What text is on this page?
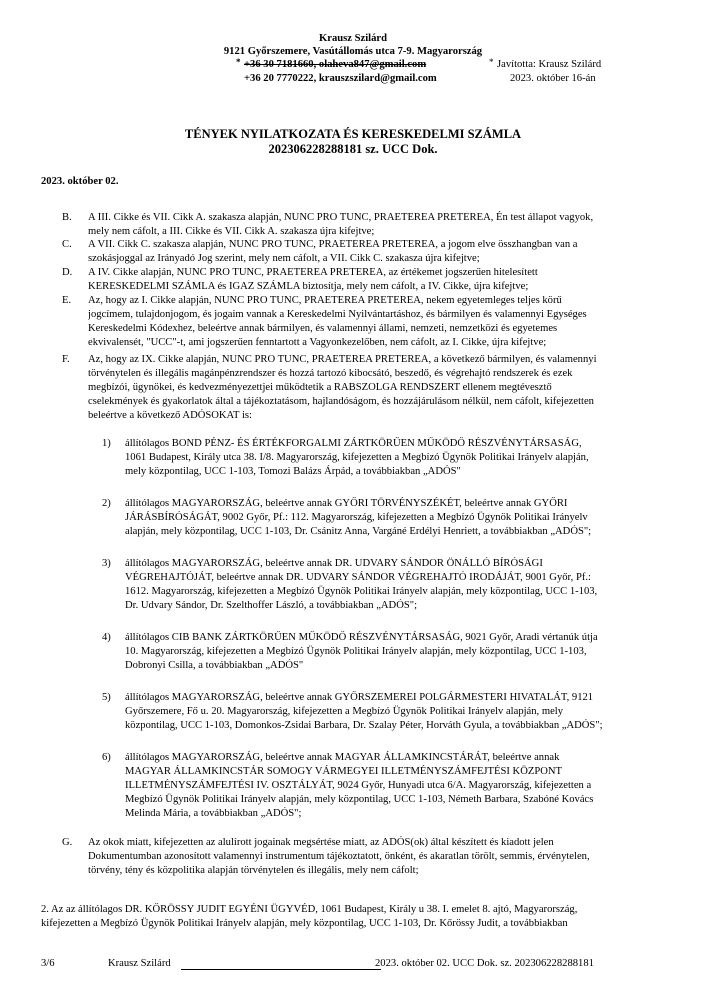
Krausz Szilárd
9121 Győrszemere, Vasútállomás utca 7-9. Magyarország
* +36 30 7181660, olaheva847@gmail.com
+36 20 7770222, krauszszilard@gmail.com
* Javította: Krausz Szilárd
2023. október 16-án
TÉNYEK NYILATKOZATA ÉS KERESKEDELMI SZÁMLA
202306228288181 sz. UCC Dok.
2023. október 02.
B. A III. Cikke és VII. Cikk A. szakasza alapján, NUNC PRO TUNC, PRAETEREA PRETEREA, Én test állapot vagyok,
mely nem cáfolt, a III. Cikke és VII. Cikk A. szakasza újra kifejtve;
C. A VII. Cikk C. szakasza alapján, NUNC PRO TUNC, PRAETEREA PRETEREA, a jogom elve összhangban van a
szokásjoggal az Irányadó Jog szerint, mely nem cáfolt, a VII. Cikk C. szakasza újra kifejtve;
D. A IV. Cikke alapján, NUNC PRO TUNC, PRAETEREA PRETEREA, az értékemet jogszerűen hitelesített
KERESKEDELMI SZÁMLA és IGAZ SZÁMLA biztosítja, mely nem cáfolt, a IV. Cikke, újra kifejtve;
E. Az, hogy az I. Cikke alapján, NUNC PRO TUNC, PRAETEREA PRETEREA, nekem egyetemleges teljes körű
jogcímem, tulajdonjogom, és jogaim vannak a Kereskedelmi Nyilvántartáshoz, és bármilyen és valamennyi Egységes
Kereskedelmi Kódexhez, beleértve annak bármilyen, és valamennyi állami, nemzeti, nemzetközi és egyetemes
ekvivalensét, "UCC"-t, ami jogszerűen fenntartott a Vagyonkezelőben, nem cáfolt, az I. Cikke, újra kifejtve;
F. Az, hogy az IX. Cikke alapján, NUNC PRO TUNC, PRAETEREA PRETEREA, a következő bármilyen, és valamennyi
törvénytelen és illegális magánpénzrendszer és hozzá tartozó kibocsátó, beszedő, és végrehajtó rendszerek és ezek
megbízói, ügynökei, és kedvezményezettjei működtetik a RABSZOLGA RENDSZERT ellenem megtévesztő
cselekmények és gyakorlatok által a tájékoztatásom, hajlandóságom, és hozzájárulásom nélkül, nem cáfolt, kifejezetten
beleértve a következő ADÓSOKAT is:
1) állítólagos BOND PÉNZ- ÉS ÉRTÉKFORGALMI ZÁRTKÖRŰEN MŰKÖDŐ RÉSZVÉNYTÁRSASÁG,
1061 Budapest, Király utca 38. I/8. Magyarország, kifejezetten a Megbízó Ügynök Politikai Irányelv alapján,
mely központilag, UCC 1-103, Tomozi Balázs Árpád, a továbbiakban „ADÓS"
2) állítólagos MAGYARORSZÁG, beleértve annak GYŐRI TÖRVÉNYSZÉKÉT, beleértve annak GYŐRI
JÁRÁSBÍRÓSÁGÁT, 9002 Győr, Pf.: 112. Magyarország, kifejezetten a Megbízó Ügynök Politikai Irányelv
alapján, mely központilag, UCC 1-103, Dr. Csánitz Anna, Vargáné Erdélyi Henriett, a továbbiakban „ADÓS";
3) állítólagos MAGYARORSZÁG, beleértve annak DR. UDVARY SÁNDOR ÖNÁLLÓ BÍRÓSÁGI
VÉGREHAJTÓJÁT, beleértve annak DR. UDVARY SÁNDOR VÉGREHAJTÓ IRODÁJÁT, 9001 Győr, Pf.:
1612. Magyarország, kifejezetten a Megbízó Ügynök Politikai Irányelv alapján, mely központilag, UCC 1-103,
Dr. Udvary Sándor, Dr. Szelthoffer László, a továbbiakban „ADÓS";
4) állítólagos CIB BANK ZÁRTKÖRŰEN MŰKÖDŐ RÉSZVÉNYTÁRSASÁG, 9021 Győr, Aradi vértanúk útja
10. Magyarország, kifejezetten a Megbízó Ügynök Politikai Irányelv alapján, mely központilag, UCC 1-103,
Dobronyi Csilla, a továbbiakban „ADÓS"
5) állítólagos MAGYARORSZÁG, beleértve annak GYŐRSZEMEREI POLGÁRMESTERI HIVATALÁT, 9121
Győrszemere, Fő u. 20. Magyarország, kifejezetten a Megbízó Ügynök Politikai Irányelv alapján, mely
központilag, UCC 1-103, Domonkos-Zsidai Barbara, Dr. Szalay Péter, Horváth Gyula, a továbbiakban „ADÓS";
6) állítólagos MAGYARORSZÁG, beleértve annak MAGYAR ÁLLAMKINCSTÁRÁT, beleértve annak
MAGYAR ÁLLAMKINCSTÁR SOMOGY VÁRMEGYEI ILLETMÉNYSZÁMFEJTÉSI KÖZPONT
ILLETMÉNYSZÁMFEJTÉSI IV. OSZTÁLYÁT, 9024 Győr, Hunyadi utca 6/A. Magyarország, kifejezetten a
Megbízó Ügynök Politikai Irányelv alapján, mely központilag, UCC 1-103, Németh Barbara, Szabóné Kovács
Melinda Mária, a továbbiakban „ADÓS";
G. Az okok miatt, kifejezetten az alulírott jogainak megsértése miatt, az ADÓS(ok) által készített és kiadott jelen
Dokumentumban azonosított valamennyi instrumentum tájékoztatott, önként, és akaratlan törölt, semmis, érvénytelen,
törvény, tény és közpolitika alapján törvénytelen és illegális, mely nem cáfolt;
2. Az az állítólagos DR. KŐRÖSSY JUDIT EGYÉNI ÜGYVÉD, 1061 Budapest, Király u 38. I. emelet 8. ajtó, Magyarország,
kifejezetten a Megbízó Ügynök Politikai Irányelv alapján, mely központilag, UCC 1-103, Dr. Kőrössy Judit, a továbbiakban
3/6	Krausz Szilárd	2023. október 02. UCC Dok. sz. 202306228288181
